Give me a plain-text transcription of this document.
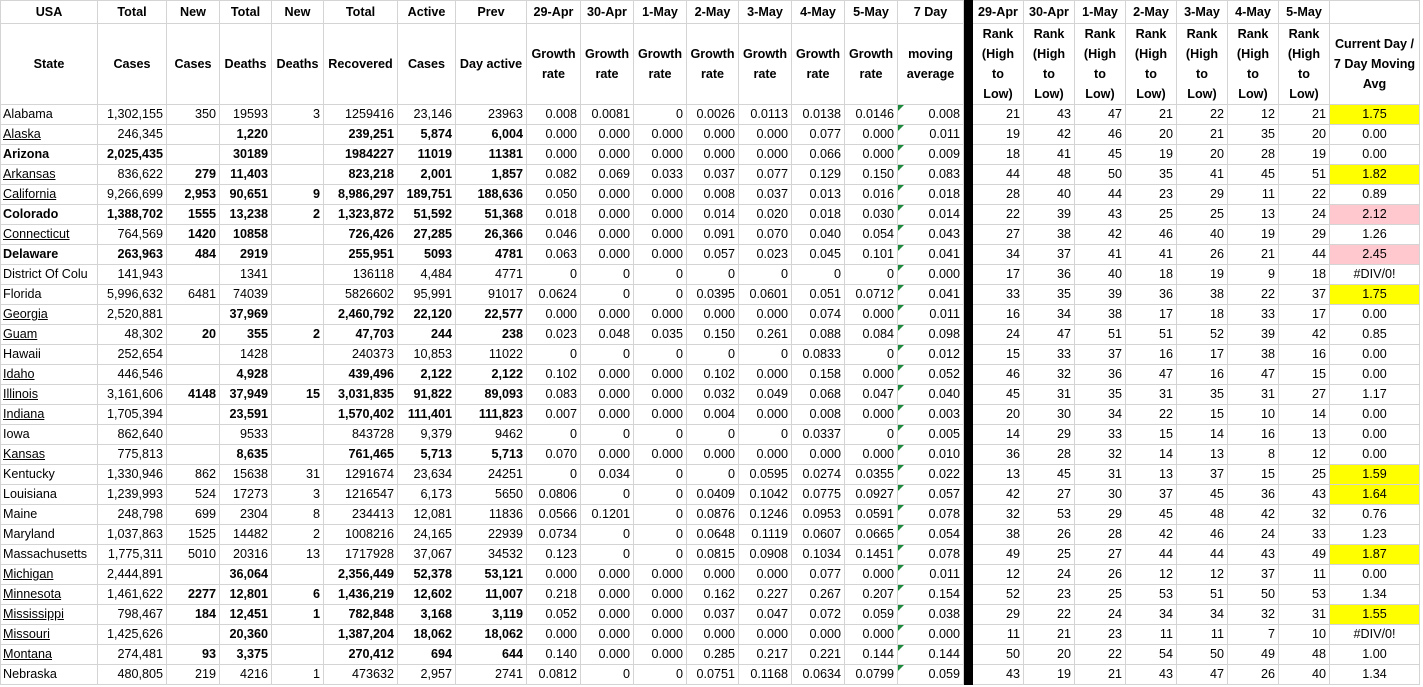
USA	Total	New	Total	New	Total	Active	Prev	29-Apr	30-Apr	1-May	2-May	3-May	4-May	5-May	7 Day		29-Apr	30-Apr	1-May	2-May	3-May	4-May	5-May	
State	Cases	Cases	Deaths	Deaths	Recovered	Cases	Day active	Growth rate	Growth rate	Growth rate	Growth rate	Growth rate	Growth rate	Growth rate	moving average		Rank (High to Low)	Rank (High to Low)	Rank (High to Low)	Rank (High to Low)	Rank (High to Low)	Rank (High to Low)	Rank (High to Low)	Current Day / 7 Day Moving Avg
Alabama	1,302,155	350	19593	3	1259416	23,146	23963	0.008	0.0081	0	0.0026	0.0113	0.0138	0.0146	0.008		21	43	47	21	22	12	21	1.75
Alaska	246,345		1,220		239,251	5,874	6,004	0.000	0.000	0.000	0.000	0.000	0.077	0.000	0.011		19	42	46	20	21	35	20	0.00
Arizona	2,025,435		30189		1984227	11019	11381	0.000	0.000	0.000	0.000	0.000	0.066	0.000	0.009		18	41	45	19	20	28	19	0.00
Arkansas	836,622	279	11,403		823,218	2,001	1,857	0.082	0.069	0.033	0.037	0.077	0.129	0.150	0.083		44	48	50	35	41	45	51	1.82
California	9,266,699	2,953	90,651	9	8,986,297	189,751	188,636	0.050	0.000	0.000	0.008	0.037	0.013	0.016	0.018		28	40	44	23	29	11	22	0.89
Colorado	1,388,702	1555	13,238	2	1,323,872	51,592	51,368	0.018	0.000	0.000	0.014	0.020	0.018	0.030	0.014		22	39	43	25	25	13	24	2.12
Connecticut	764,569	1420	10858		726,426	27,285	26,366	0.046	0.000	0.000	0.091	0.070	0.040	0.054	0.043		27	38	42	46	40	19	29	1.26
Delaware	263,963	484	2919		255,951	5093	4781	0.063	0.000	0.000	0.057	0.023	0.045	0.101	0.041		34	37	41	41	26	21	44	2.45
District Of Colu	141,943		1341		136118	4,484	4771	0	0	0	0	0	0	0	0.000		17	36	40	18	19	9	18	#DIV/0!
Florida	5,996,632	6481	74039		5826602	95,991	91017	0.0624	0	0	0.0395	0.0601	0.051	0.0712	0.041		33	35	39	36	38	22	37	1.75
Georgia	2,520,881		37,969		2,460,792	22,120	22,577	0.000	0.000	0.000	0.000	0.000	0.074	0.000	0.011		16	34	38	17	18	33	17	0.00
Guam	48,302	20	355	2	47,703	244	238	0.023	0.048	0.035	0.150	0.261	0.088	0.084	0.098		24	47	51	51	52	39	42	0.85
Hawaii	252,654		1428		240373	10,853	11022	0	0	0	0	0	0.0833	0	0.012		15	33	37	16	17	38	16	0.00
Idaho	446,546		4,928		439,496	2,122	2,122	0.102	0.000	0.000	0.102	0.000	0.158	0.000	0.052		46	32	36	47	16	47	15	0.00
Illinois	3,161,606	4148	37,949	15	3,031,835	91,822	89,093	0.083	0.000	0.000	0.032	0.049	0.068	0.047	0.040		45	31	35	31	35	31	27	1.17
Indiana	1,705,394		23,591		1,570,402	111,401	111,823	0.007	0.000	0.000	0.004	0.000	0.008	0.000	0.003		20	30	34	22	15	10	14	0.00
Iowa	862,640		9533		843728	9,379	9462	0	0	0	0	0	0.0337	0	0.005		14	29	33	15	14	16	13	0.00
Kansas	775,813		8,635		761,465	5,713	5,713	0.070	0.000	0.000	0.000	0.000	0.000	0.000	0.010		36	28	32	14	13	8	12	0.00
Kentucky	1,330,946	862	15638	31	1291674	23,634	24251	0	0.034	0	0	0.0595	0.0274	0.0355	0.022		13	45	31	13	37	15	25	1.59
Louisiana	1,239,993	524	17273	3	1216547	6,173	5650	0.0806	0	0	0.0409	0.1042	0.0775	0.0927	0.057		42	27	30	37	45	36	43	1.64
Maine	248,798	699	2304	8	234413	12,081	11836	0.0566	0.1201	0	0.0876	0.1246	0.0953	0.0591	0.078		32	53	29	45	48	42	32	0.76
Maryland	1,037,863	1525	14482	2	1008216	24,165	22939	0.0734	0	0	0.0648	0.1119	0.0607	0.0665	0.054		38	26	28	42	46	24	33	1.23
Massachusetts	1,775,311	5010	20316	13	1717928	37,067	34532	0.123	0	0	0.0815	0.0908	0.1034	0.1451	0.078		49	25	27	44	44	43	49	1.87
Michigan	2,444,891		36,064		2,356,449	52,378	53,121	0.000	0.000	0.000	0.000	0.000	0.077	0.000	0.011		12	24	26	12	12	37	11	0.00
Minnesota	1,461,622	2277	12,801	6	1,436,219	12,602	11,007	0.218	0.000	0.000	0.162	0.227	0.267	0.207	0.154		52	23	25	53	51	50	53	1.34
Mississippi	798,467	184	12,451	1	782,848	3,168	3,119	0.052	0.000	0.000	0.037	0.047	0.072	0.059	0.038		29	22	24	34	34	32	31	1.55
Missouri	1,425,626		20,360		1,387,204	18,062	18,062	0.000	0.000	0.000	0.000	0.000	0.000	0.000	0.000		11	21	23	11	11	7	10	#DIV/0!
Montana	274,481	93	3,375		270,412	694	644	0.140	0.000	0.000	0.285	0.217	0.221	0.144	0.144		50	20	22	54	50	49	48	1.00
Nebraska	480,805	219	4216	1	473632	2,957	2741	0.0812	0	0	0.0751	0.1168	0.0634	0.0799	0.059		43	19	21	43	47	26	40	1.34
